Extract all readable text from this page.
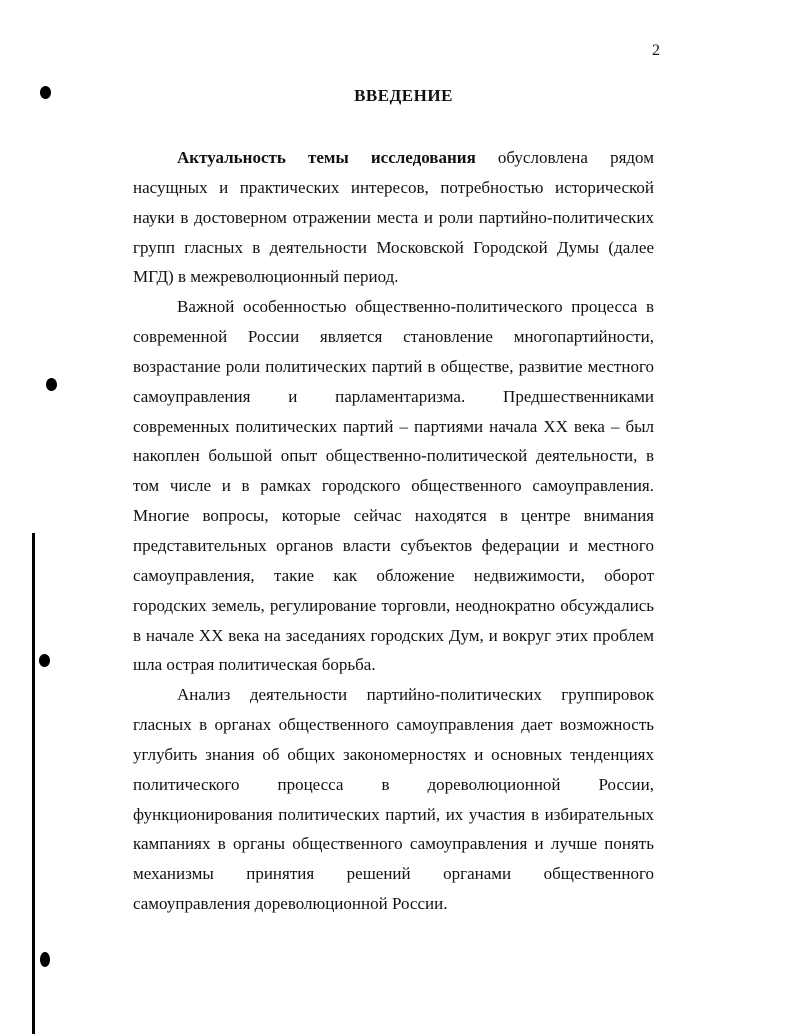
2
ВВЕДЕНИЕ

Актуальность темы исследования обусловлена рядом насущных и практических интересов, потребностью исторической науки в достоверном отражении места и роли партийно-политических групп гласных в деятельности Московской Городской Думы (далее МГД) в межреволюционный период.

Важной особенностью общественно-политического процесса в современной России является становление многопартийности, возрастание роли политических партий в обществе, развитие местного самоуправления и парламентаризма. Предшественниками современных политических партий – партиями начала XX века – был накоплен большой опыт общественно-политической деятельности, в том числе и в рамках городского общественного самоуправления. Многие вопросы, которые сейчас находятся в центре внимания представительных органов власти субъектов федерации и местного самоуправления, такие как обложение недвижимости, оборот городских земель, регулирование торговли, неоднократно обсуждались в начале XX века на заседаниях городских Дум, и вокруг этих проблем шла острая политическая борьба.

Анализ деятельности партийно-политических группировок гласных в органах общественного самоуправления дает возможность углубить знания об общих закономерностях и основных тенденциях политического процесса в дореволюционной России, функционирования политических партий, их участия в избирательных кампаниях в органы общественного самоуправления и лучше понять механизмы принятия решений органами общественного самоуправления дореволюционной России.
